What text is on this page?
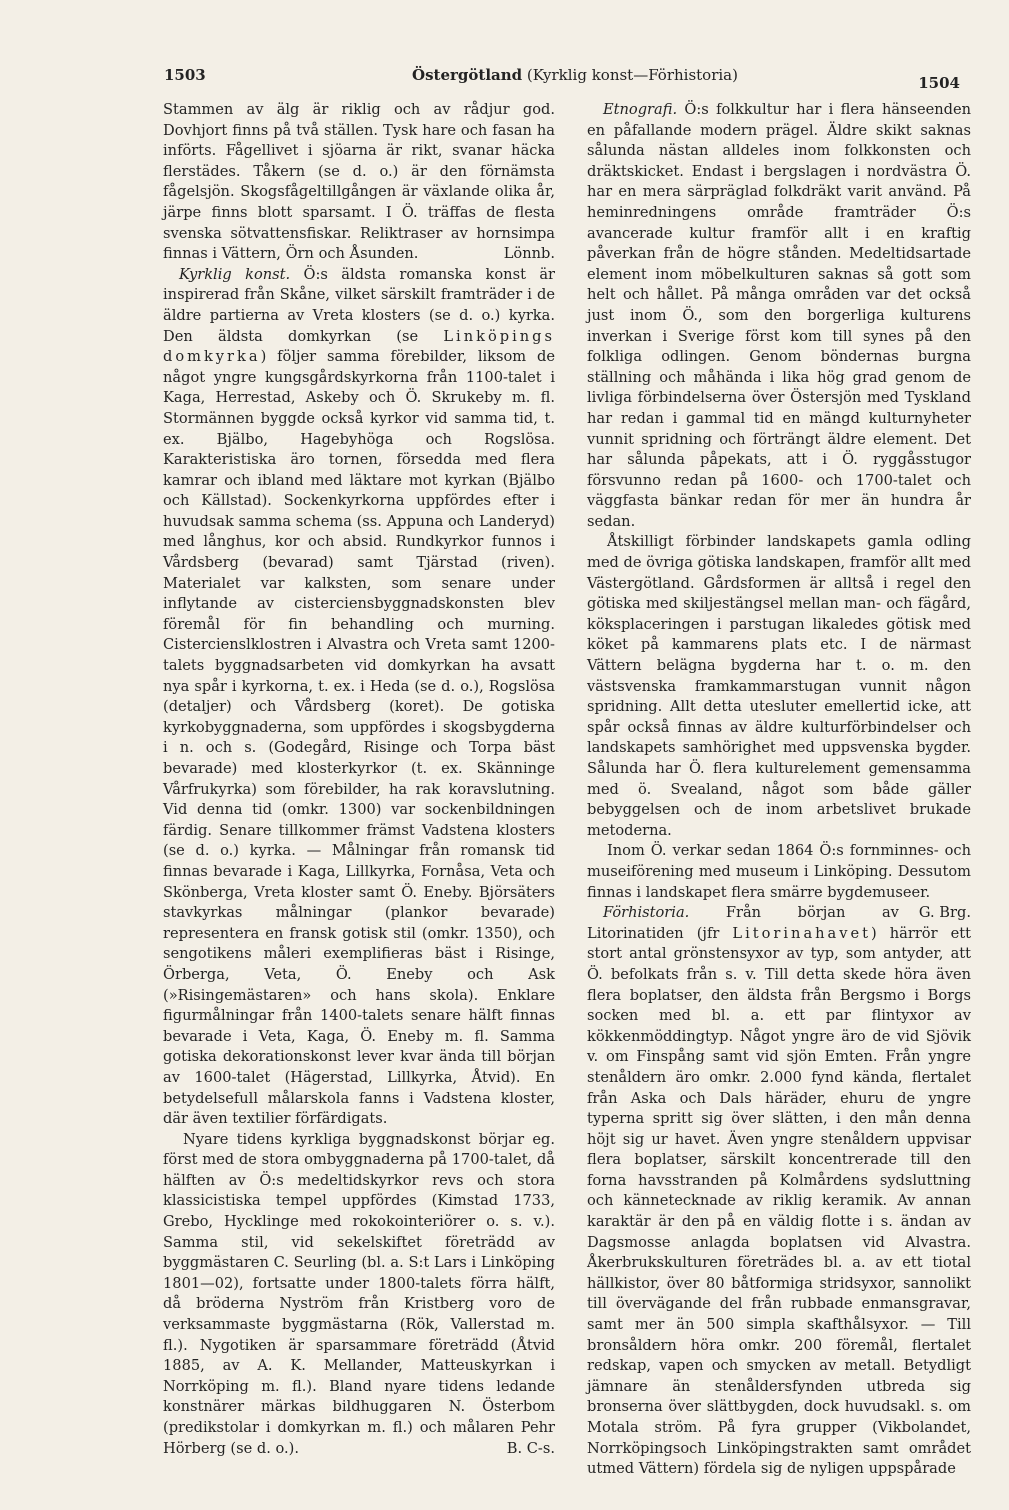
1503	Östergötland (Kyrklig konst—Förhistoria)	1504

Stammen av älg är riklig och av rådjur god. Dovhjort finns på två ställen. Tysk hare och fasan ha införts. Fågellivet i sjöarna är rikt, svanar häcka flerstädes. Tåkern (se d. o.) är den förnämsta fågelsjön. Skogsfågeltillgången är växlande olika år, järpe finns blott sparsamt. I Ö. träffas de flesta svenska sötvattensfiskar. Reliktraser av hornsimpa finnas i Vättern, Örn och Åsunden.	Lönnb.

Kyrklig konst. Ö:s äldsta romanska konst är inspirerad från Skåne, vilket särskilt framträder i de äldre partierna av Vreta klosters (se d. o.) kyrka. Den äldsta domkyrkan (se Linköpings domkyrka) följer samma förebilder, liksom de något yngre kungsgårdskyrkorna från 1100-talet i Kaga, Herrestad, Askeby och Ö. Skrukeby m. fl. Stormännen byggde också kyrkor vid samma tid, t. ex. Bjälbo, Hagebyhöga och Rogslösa. Karakteristiska äro tornen, försedda med flera kamrar och ibland med läktare mot kyrkan (Bjälbo och Källstad). Sockenkyrkorna uppfördes efter i huvudsak samma schema (ss. Appuna och Landeryd) med långhus, kor och absid. Rundkyrkor funnos i Vårdsberg (bevarad) samt Tjärstad (riven). Materialet var kalksten, som senare under inflytande av cisterciensbyggnadskonsten blev föremål för fin behandling och murning. Cistercienslklostren i Alvastra och Vreta samt 1200-talets byggnadsarbeten vid domkyrkan ha avsatt nya spår i kyrkorna, t. ex. i Heda (se d. o.), Rogslösa (detaljer) och Vårdsberg (koret). De gotiska kyrkobyggnaderna, som uppfördes i skogsbygderna i n. och s. (Godegård, Risinge och Torpa bäst bevarade) med klosterkyrkor (t. ex. Skänninge Vårfrukyrka) som förebilder, ha rak koravslutning. Vid denna tid (omkr. 1300) var sockenbildningen färdig. Senare tillkommer främst Vadstena klosters (se d. o.) kyrka. — Målningar från romansk tid finnas bevarade i Kaga, Lillkyrka, Fornåsa, Veta och Skönberga, Vreta kloster samt Ö. Eneby. Björsäters stavkyrkas målningar (plankor bevarade) representera en fransk gotisk stil (omkr. 1350), och sengotikens måleri exemplifieras bäst i Risinge, Örberga, Veta, Ö. Eneby och Ask (»Risingemästaren» och hans skola). Enklare figurmålningar från 1400-talets senare hälft finnas bevarade i Veta, Kaga, Ö. Eneby m. fl. Samma gotiska dekorationskonst lever kvar ända till början av 1600-talet (Hägerstad, Lillkyrka, Åtvid). En betydelsefull målarskola fanns i Vadstena kloster, där även textilier förfärdigats.

Nyare tidens kyrkliga byggnadskonst börjar eg. först med de stora ombyggnaderna på 1700-talet, då hälften av Ö:s medeltidskyrkor revs och stora klassicistiska tempel uppfördes (Kimstad 1733, Grebo, Hycklinge med rokokointeriörer o. s. v.). Samma stil, vid sekelskiftet företrädd av byggmästaren C. Seurling (bl. a. S:t Lars i Linköping 1801—02), fortsatte under 1800-talets förra hälft, då bröderna Nyström från Kristberg voro de verksammaste byggmästarna (Rök, Vallerstad m. fl.). Nygotiken är sparsammare företrädd (Åtvid 1885, av A. K. Mellander, Matteuskyrkan i Norrköping m. fl.). Bland nyare tidens ledande konstnärer märkas bildhuggaren N. Österbom (predikstolar i domkyrkan m. fl.) och målaren Pehr Hörberg (se d. o.).	B. C-s.

Etnografi. Ö:s folkkultur har i flera hänseenden en påfallande modern prägel. Äldre skikt saknas sålunda nästan alldeles inom folkkonsten och dräktskicket. Endast i bergslagen i nordvästra Ö. har en mera särpräglad folkdräkt varit använd. På heminredningens område framträder Ö:s avancerade kultur framför allt i en kraftig påverkan från de högre stånden. Medeltidsartade element inom möbelkulturen saknas så gott som helt och hållet. På många områden var det också just inom Ö., som den borgerliga kulturens inverkan i Sverige först kom till synes på den folkliga odlingen. Genom böndernas burgna ställning och måhända i lika hög grad genom de livliga förbindelserna över Östersjön med Tyskland har redan i gammal tid en mängd kulturnyheter vunnit spridning och förträngt äldre element. Det har sålunda påpekats, att i Ö. ryggåsstugor försvunno redan på 1600- och 1700-talet och väggfasta bänkar redan för mer än hundra år sedan.

Åtskilligt förbinder landskapets gamla odling med de övriga götiska landskapen, framför allt med Västergötland. Gårdsformen är alltså i regel den götiska med skiljestängsel mellan man- och fägård, köksplaceringen i parstugan likaledes götisk med köket på kammarens plats etc. I de närmast Vättern belägna bygderna har t. o. m. den västsvenska framkammarstugan vunnit någon spridning. Allt detta utesluter emellertid icke, att spår också finnas av äldre kulturförbindelser och landskapets samhörighet med uppsvenska bygder. Sålunda har Ö. flera kulturelement gemensamma med ö. Svealand, något som både gäller bebyggelsen och de inom arbetslivet brukade metoderna.

Inom Ö. verkar sedan 1864 Ö:s fornminnes- och museiförening med museum i Linköping. Dessutom finnas i landskapet flera smärre bygdemuseer.
G. Brg.

Förhistoria. Från början av Litorinatiden (jfr Litorinahavet) härrör ett stort antal grönstensyxor av typ, som antyder, att Ö. befolkats från s. v. Till detta skede höra även flera boplatser, den äldsta från Bergsmo i Borgs socken med bl. a. ett par flintyxor av kökkenmöddingtyp. Något yngre äro de vid Sjövik v. om Finspång samt vid sjön Emten. Från yngre stenåldern äro omkr. 2.000 fynd kända, flertalet från Aska och Dals häräder, ehuru de yngre typerna spritt sig över slätten, i den mån denna höjt sig ur havet. Även yngre stenåldern uppvisar flera boplatser, särskilt koncentrerade till den forna havsstranden på Kolmårdens sydsluttning och kännetecknade av riklig keramik. Av annan karaktär är den på en väldig flotte i s. ändan av Dagsmosse anlagda boplatsen vid Alvastra. Åkerbrukskulturen företrädes bl. a. av ett tiotal hällkistor, över 80 båtformiga stridsyxor, sannolikt till övervägande del från rubbade enmansgravar, samt mer än 500 simpla skafthålsyxor. — Till bronsåldern höra omkr. 200 föremål, flertalet redskap, vapen och smycken av metall. Betydligt jämnare än stenåldersfynden utbreda sig bronserna över slättbygden, dock huvudsakl. s. om Motala ström. På fyra grupper (Vikbolandet, Norrköpingsoch Linköpingstrakten samt området utmed Vättern) fördela sig de nyligen uppspårade
